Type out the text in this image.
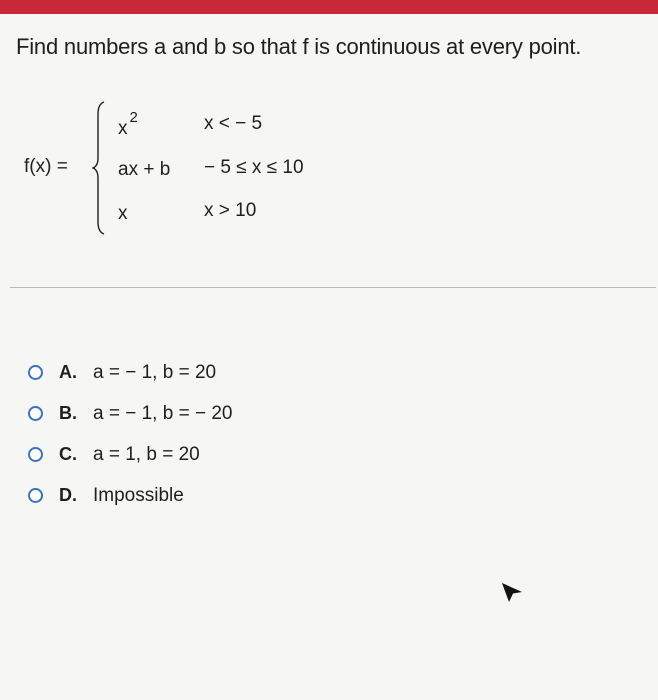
Find numbers a and b so that f is continuous at every point.
f(x) =
$x^2$	x < − 5
ax + b − 5 ≤ x ≤ 10
x	x > 10
A. a = − 1, b = 20
B. a = − 1, b = − 20
C. a = 1, b = 20
D. Impossible
